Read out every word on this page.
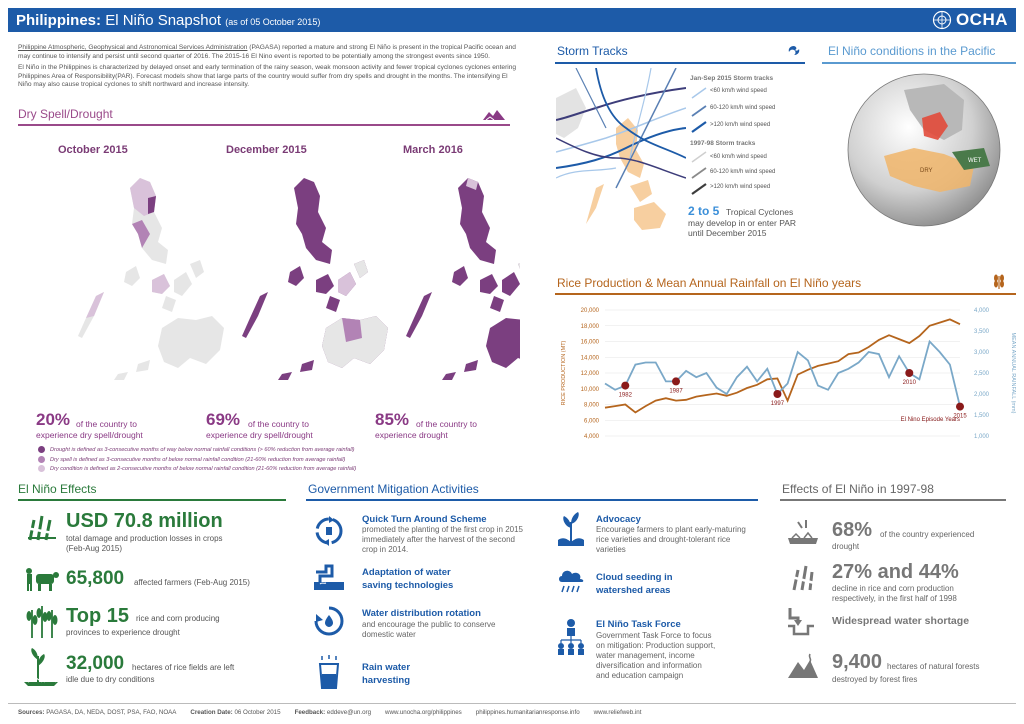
Philippines: El Niño Snapshot (as of 05 October 2015)	OCHA

Philippine Atmospheric, Geophysical and Astronomical Services Administration (PAGASA) reported a mature and strong El Niño is present in the tropical Pacific ocean and may continue to intensify and persist until second quarter of 2016. The 2015-16 El Nino event is reported to be potentially among the strongest events since 1950.

El Niño in the Philippines is characterized by delayed onset and early termination of the rainy season, weak monsoon activity and fewer tropical cyclones cyclones entering Philippines Area of Responsibility(PAR). Forecast models show that large parts of the country would suffer from dry spells and drought in the months. The intensifying El Niño may also cause tropical cyclones to shift northward and increase intensity.

Dry Spell/Drought
October 2015	December 2015	March 2016
20% of the country to
experience dry spell/drought
69% of the country to
experience dry spell/drought
85% of the country to
experience drought
Drought is defined as 3-consecutive months of way below normal rainfall conditions (> 60% reduction from average rainfall)
Dry spell is defined as 3-consecutive months of below normal rainfall condition (21-60% reduction from average rainfall)
Dry condition is defined as 2-consecutive months of below normal rainfall condition (21-60% reduction from average rainfall)
Storm Tracks
Jan-Sep 2015 Storm tracks
<60 km/h wind speed
60-120 km/h wind speed
>120 km/h wind speed
1997-98 Storm tracks
<60 km/h wind speed
60-120 km/h wind speed
>120 km/h wind speed
2 to 5 Tropical Cyclones
may develop in or enter PAR
until December 2015
El Niño conditions in the Pacific
WET
DRY
Rice Production & Mean Annual Rainfall on El Niño years
4,000
6,000
8,000
10,000
12,000
14,000
16,000
18,000
20,000
1,000
1,500
2,000
2,500
3,000
3,500
4,000
1982
1987
1997
2010
2015
RICE PRODUCTION (MT)	MEAN ANNUAL RAINFALL (mm)
El Nino Episode Years
El Niño Effects
USD 70.8 million
total damage and production losses in crops
(Feb-Aug 2015)
65,800 affected farmers (Feb-Aug 2015)
Top 15 rice and corn producing
provinces to experience drought
32,000 hectares of rice fields are left
idle due to dry conditions
Government Mitigation Activities
Quick Turn Around Scheme
promoted the planting of the first crop in 2015
immediately after the harvest of the second
crop in 2014.
Adaptation of water
saving technologies
Water distribution rotation
and encourage the public to conserve
domestic water
Rain water
harvesting
Advocacy
Encourage farmers to plant early-maturing
rice varieties and drought-tolerant rice
varieties
Cloud seeding in
watershed areas
El Niño Task Force
Government Task Force to focus
on mitigation: Production support,
water management, income
diversification and information
and education campaign
Effects of El Niño in 1997-98
68% of the country experienced
drought
27% and 44%
decline in rice and corn production
respectively, in the first half of 1998
Widespread water shortage
9,400 hectares of natural forests
destroyed by forest fires
Sources: PAGASA, DA, NEDA, DOST, PSA, FAO, NOAA Creation Date: 06 October 2015 Feedback: eddeve@un.org www.unocha.org/philippines philippines.humanitarianresponse.info www.reliefweb.int
